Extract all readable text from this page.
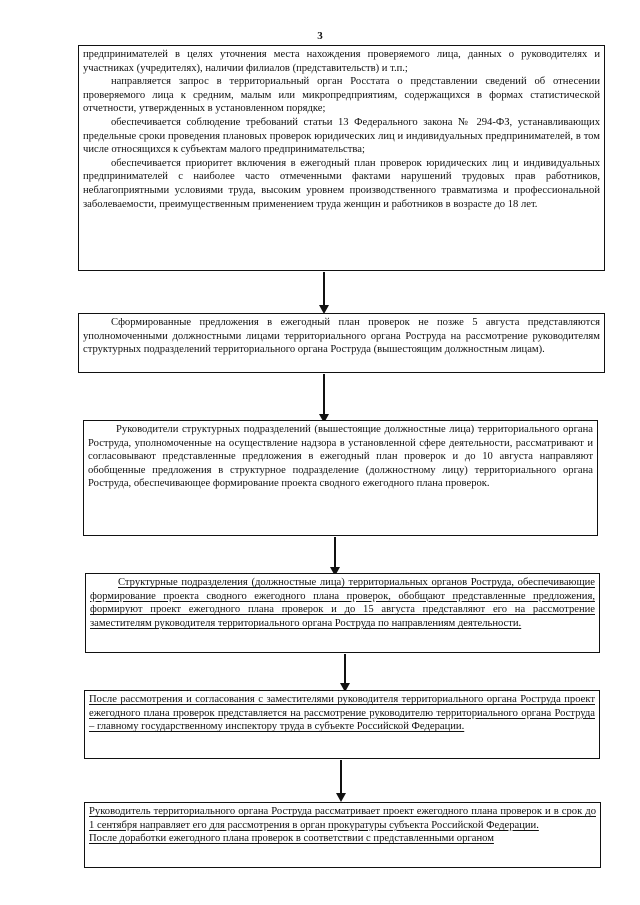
3

предпринимателей в целях уточнения места нахождения проверяемого лица, данных о руководителях и участниках (учредителях), наличии филиалов (представительств) и т.п.;

направляется запрос в территориальный орган Росстата о представлении сведений об отнесении проверяемого лица к средним, малым или микропредприятиям, содержащихся в формах статистической отчетности, утвержденных в установленном порядке;

обеспечивается соблюдение требований статьи 13 Федерального закона № 294-ФЗ, устанавливающих предельные сроки проведения плановых проверок юридических лиц и индивидуальных предпринимателей, в том числе относящихся к субъектам малого предпринимательства;

обеспечивается приоритет включения в ежегодный план проверок юридических лиц и индивидуальных предпринимателей с наиболее часто отмеченными фактами нарушений трудовых прав работников, неблагоприятными условиями труда, высоким уровнем производственного травматизма и профессиональной заболеваемости, преимущественным применением труда женщин и работников в возрасте до 18 лет.

Сформированные предложения в ежегодный план проверок не позже 5 августа представляются уполномоченными должностными лицами территориального органа Роструда на рассмотрение руководителям структурных подразделений территориального органа Роструда (вышестоящим должностным лицам).

Руководители структурных подразделений (вышестоящие должностные лица) территориального органа Роструда, уполномоченные на осуществление надзора в установленной сфере деятельности, рассматривают и согласовывают представленные предложения в ежегодный план проверок и до 10 августа направляют обобщенные предложения в структурное подразделение (должностному лицу) территориального органа Роструда, обеспечивающее формирование проекта сводного ежегодного плана проверок.

Структурные подразделения (должностные лица) территориальных органов Роструда, обеспечивающие формирование проекта сводного ежегодного плана проверок, обобщают представленные предложения, формируют проект ежегодного плана проверок и до 15 августа представляют его на рассмотрение заместителям руководителя территориального органа Роструда по направлениям деятельности.

После рассмотрения и согласования с заместителями руководителя территориального органа Роструда проект ежегодного плана проверок представляется на рассмотрение руководителю территориального органа Роструда – главному государственному инспектору труда в субъекте Российской Федерации.

Руководитель территориального органа Роструда рассматривает проект ежегодного плана проверок и в срок до 1 сентября направляет его для рассмотрения в орган прокуратуры субъекта Российской Федерации.

После доработки ежегодного плана проверок в соответствии с представленными органом
